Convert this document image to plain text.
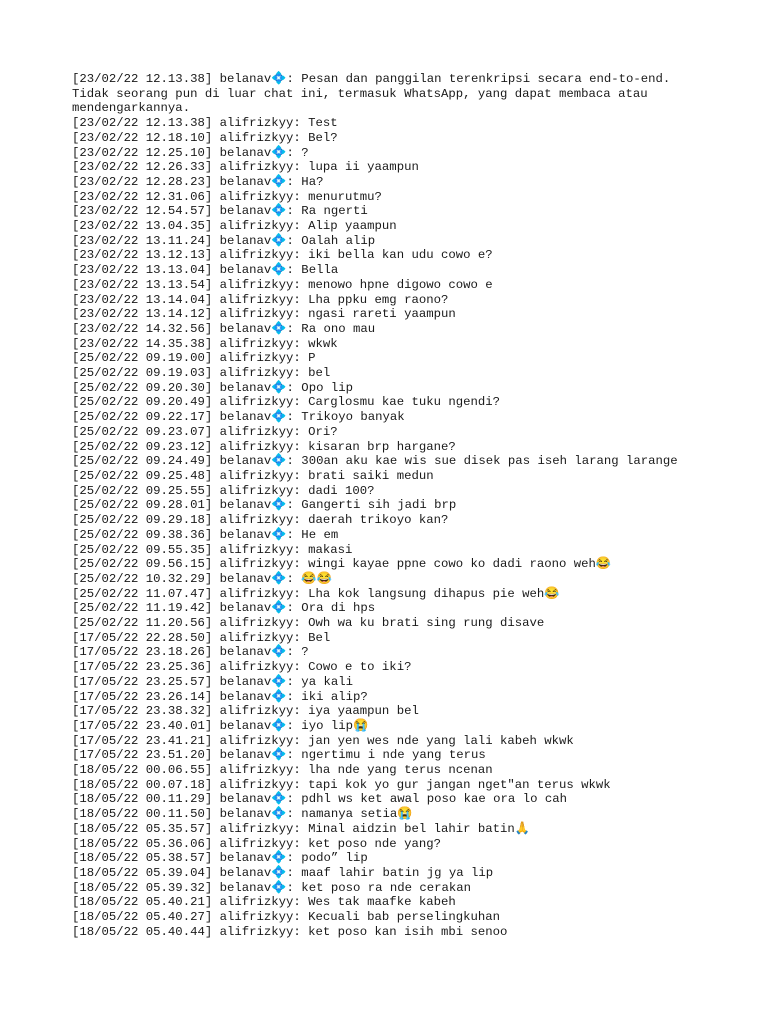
[23/02/22 12.13.38] belanav💠: Pesan dan panggilan terenkripsi secara end-to-end. Tidak seorang pun di luar chat ini, termasuk WhatsApp, yang dapat membaca atau mendengarkannya.
[23/02/22 12.13.38] alifrizkyy: Test
[23/02/22 12.18.10] alifrizkyy: Bel?
[23/02/22 12.25.10] belanav💠: ?
[23/02/22 12.26.33] alifrizkyy: lupa ii yaampun
[23/02/22 12.28.23] belanav💠: Ha?
[23/02/22 12.31.06] alifrizkyy: menurutmu?
[23/02/22 12.54.57] belanav💠: Ra ngerti
[23/02/22 13.04.35] alifrizkyy: Alip yaampun
[23/02/22 13.11.24] belanav💠: Oalah alip
[23/02/22 13.12.13] alifrizkyy: iki bella kan udu cowo e?
[23/02/22 13.13.04] belanav💠: Bella
[23/02/22 13.13.54] alifrizkyy: menowo hpne digowo cowo e
[23/02/22 13.14.04] alifrizkyy: Lha ppku emg raono?
[23/02/22 13.14.12] alifrizkyy: ngasi rareti yaampun
[23/02/22 14.32.56] belanav💠: Ra ono mau
[23/02/22 14.35.38] alifrizkyy: wkwk
[25/02/22 09.19.00] alifrizkyy: P
[25/02/22 09.19.03] alifrizkyy: bel
[25/02/22 09.20.30] belanav💠: Opo lip
[25/02/22 09.20.49] alifrizkyy: Carglosmu kae tuku ngendi?
[25/02/22 09.22.17] belanav💠: Trikoyo banyak
[25/02/22 09.23.07] alifrizkyy: Ori?
[25/02/22 09.23.12] alifrizkyy: kisaran brp hargane?
[25/02/22 09.24.49] belanav💠: 300an aku kae wis sue disek pas iseh larang larange
[25/02/22 09.25.48] alifrizkyy: brati saiki medun
[25/02/22 09.25.55] alifrizkyy: dadi 100?
[25/02/22 09.28.01] belanav💠: Gangerti sih jadi brp
[25/02/22 09.29.18] alifrizkyy: daerah trikoyo kan?
[25/02/22 09.38.36] belanav💠: He em
[25/02/22 09.55.35] alifrizkyy: makasi
[25/02/22 09.56.15] alifrizkyy: wingi kayae ppne cowo ko dadi raono weh😂
[25/02/22 10.32.29] belanav💠: 😂😂
[25/02/22 11.07.47] alifrizkyy: Lha kok langsung dihapus pie weh😂
[25/02/22 11.19.42] belanav💠: Ora di hps
[25/02/22 11.20.56] alifrizkyy: Owh wa ku brati sing rung disave
[17/05/22 22.28.50] alifrizkyy: Bel
[17/05/22 23.18.26] belanav💠: ?
[17/05/22 23.25.36] alifrizkyy: Cowo e to iki?
[17/05/22 23.25.57] belanav💠: ya kali
[17/05/22 23.26.14] belanav💠: iki alip?
[17/05/22 23.38.32] alifrizkyy: iya yaampun bel
[17/05/22 23.40.01] belanav💠: iyo lip😭
[17/05/22 23.41.21] alifrizkyy: jan yen wes nde yang lali kabeh wkwk
[17/05/22 23.51.20] belanav💠: ngertimu i nde yang terus
[18/05/22 00.06.55] alifrizkyy: lha nde yang terus ncenan
[18/05/22 00.07.18] alifrizkyy: tapi kok yo gur jangan nget"an terus wkwk
[18/05/22 00.11.29] belanav💠: pdhl ws ket awal poso kae ora lo cah
[18/05/22 00.11.50] belanav💠: namanya setia😭
[18/05/22 05.35.57] alifrizkyy: Minal aidzin bel lahir batin🙏
[18/05/22 05.36.06] alifrizkyy: ket poso nde yang?
[18/05/22 05.38.57] belanav💠: podo” lip
[18/05/22 05.39.04] belanav💠: maaf lahir batin jg ya lip
[18/05/22 05.39.32] belanav💠: ket poso ra nde cerakan
[18/05/22 05.40.21] alifrizkyy: Wes tak maafke kabeh
[18/05/22 05.40.27] alifrizkyy: Kecuali bab perselingkuhan
[18/05/22 05.40.44] alifrizkyy: ket poso kan isih mbi senoo
